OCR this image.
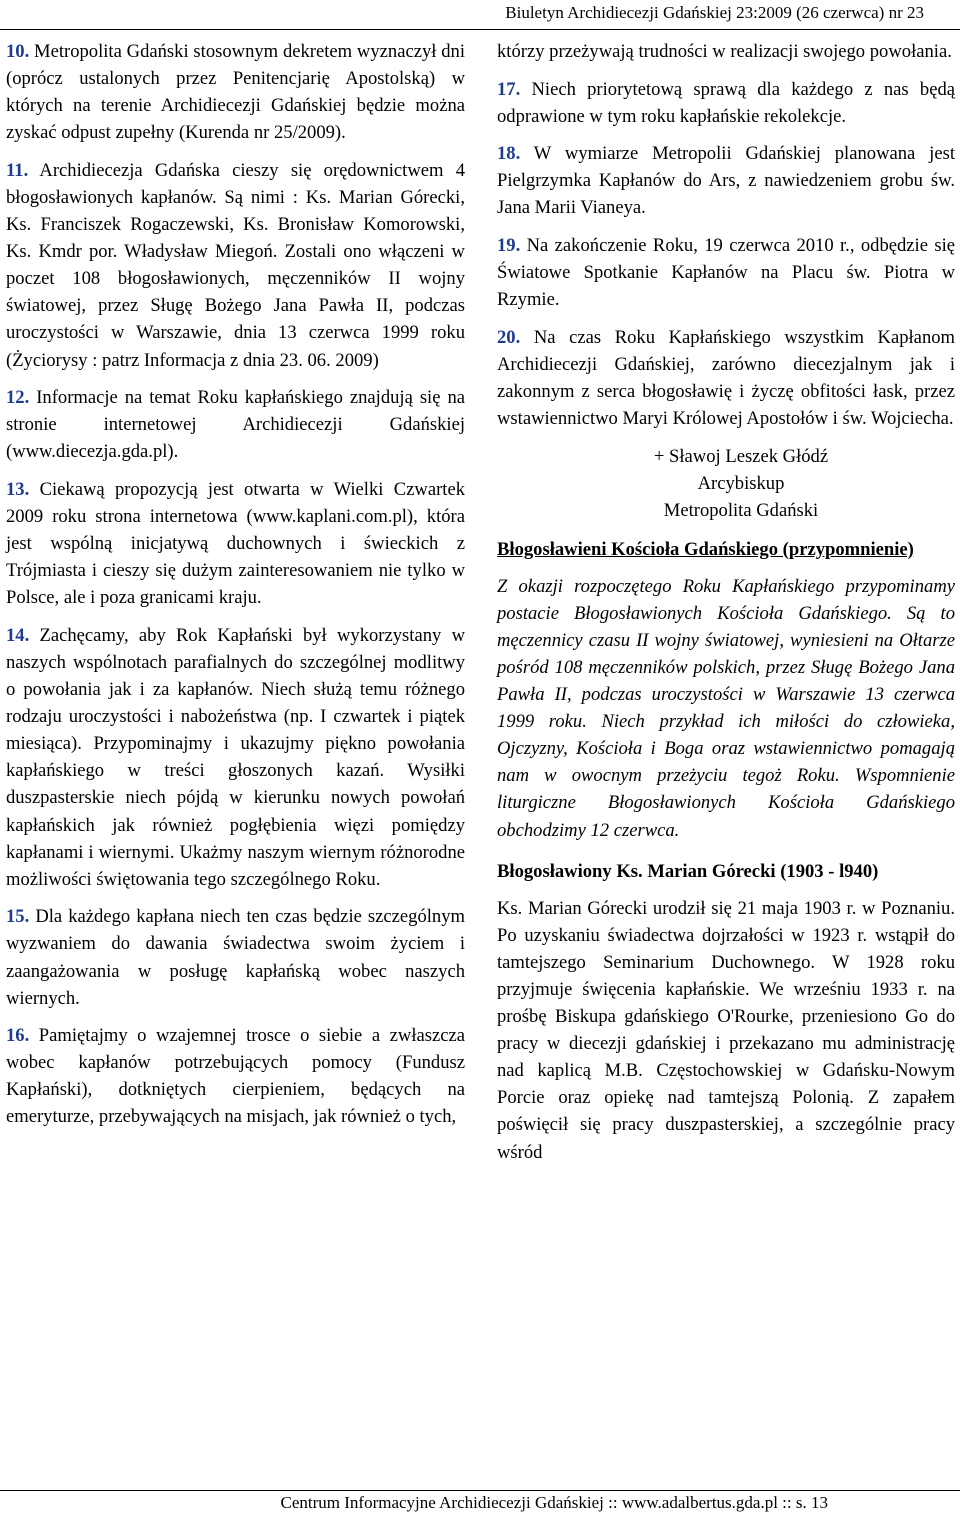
Biuletyn Archidiecezji Gdańskiej 23:2009 (26 czerwca) nr 23

10. Metropolita Gdański stosownym dekretem wyznaczył dni (oprócz ustalonych przez Penitencjarię Apostolską) w których na terenie Archidiecezji Gdańskiej będzie można zyskać odpust zupełny (Kurenda nr 25/2009).

11. Archidiecezja Gdańska cieszy się orędownictwem 4 błogosławionych kapłanów. Są nimi : Ks. Marian Górecki, Ks. Franciszek Rogaczewski, Ks. Bronisław Komorowski, Ks. Kmdr por. Władysław Miegoń. Zostali ono włączeni w poczet 108 błogosławionych, męczenników II wojny światowej, przez Sługę Bożego Jana Pawła II, podczas uroczystości w Warszawie, dnia 13 czerwca 1999 roku (Życiorysy : patrz Informacja z dnia 23. 06. 2009)

12. Informacje na temat Roku kapłańskiego znajdują się na stronie internetowej Archidiecezji Gdańskiej (www.diecezja.gda.pl).

13. Ciekawą propozycją jest otwarta w Wielki Czwartek 2009 roku strona internetowa (www.kaplani.com.pl), która jest wspólną inicjatywą duchownych i świeckich z Trójmiasta i cieszy się dużym zainteresowaniem nie tylko w Polsce, ale i poza granicami kraju.

14. Zachęcamy, aby Rok Kapłański był wykorzystany w naszych wspólnotach parafialnych do szczególnej modlitwy o powołania jak i za kapłanów. Niech służą temu różnego rodzaju uroczystości i nabożeństwa (np. I czwartek i piątek miesiąca). Przypominajmy i ukazujmy piękno powołania kapłańskiego w treści głoszonych kazań. Wysiłki duszpasterskie niech pójdą w kierunku nowych powołań kapłańskich jak również pogłębienia więzi pomiędzy kapłanami i wiernymi. Ukażmy naszym wiernym różnorodne możliwości świętowania tego szczególnego Roku.

15. Dla każdego kapłana niech ten czas będzie szczególnym wyzwaniem do dawania świadectwa swoim życiem i zaangażowania w posługę kapłańską wobec naszych wiernych.

16. Pamiętajmy o wzajemnej trosce o siebie a zwłaszcza wobec kapłanów potrzebujących pomocy (Fundusz Kapłański), dotkniętych cierpieniem, będących na emeryturze, przebywających na misjach, jak również o tych,

którzy przeżywają trudności w realizacji swojego powołania.

17. Niech priorytetową sprawą dla każdego z nas będą odprawione w tym roku kapłańskie rekolekcje.

18. W wymiarze Metropolii Gdańskiej planowana jest Pielgrzymka Kapłanów do Ars, z nawiedzeniem grobu św. Jana Marii Vianeya.

19. Na zakończenie Roku, 19 czerwca 2010 r., odbędzie się Światowe Spotkanie Kapłanów na Placu św. Piotra w Rzymie.

20. Na czas Roku Kapłańskiego wszystkim Kapłanom Archidiecezji Gdańskiej, zarówno diecezjalnym jak i zakonnym z serca błogosławię i życzę obfitości łask, przez wstawiennictwo Maryi Królowej Apostołów i św. Wojciecha.

+ Sławoj Leszek Głódź
Arcybiskup
Metropolita Gdański
Błogosławieni Kościoła Gdańskiego (przypomnienie)

Z okazji rozpoczętego Roku Kapłańskiego przypominamy postacie Błogosławionych Kościoła Gdańskiego. Są to męczennicy czasu II wojny światowej, wyniesieni na Ołtarze pośród 108 męczenników polskich, przez Sługę Bożego Jana Pawła II, podczas uroczystości w Warszawie 13 czerwca 1999 roku. Niech przykład ich miłości do człowieka, Ojczyzny, Kościoła i Boga oraz wstawiennictwo pomagają nam w owocnym przeżyciu tegoż Roku. Wspomnienie liturgiczne Błogosławionych Kościoła Gdańskiego obchodzimy 12 czerwca.

Błogosławiony Ks. Marian Górecki (1903 - l940)

Ks. Marian Górecki urodził się 21 maja 1903 r. w Poznaniu. Po uzyskaniu świadectwa dojrzałości w 1923 r. wstąpił do tamtejszego Seminarium Duchownego. W 1928 roku przyjmuje święcenia kapłańskie. We wrześniu 1933 r. na prośbę Biskupa gdańskiego O'Rourke, przeniesiono Go do pracy w diecezji gdańskiej i przekazano mu administrację nad kaplicą M.B. Częstochowskiej w Gdańsku-Nowym Porcie oraz opiekę nad tamtejszą Polonią. Z zapałem poświęcił się pracy duszpasterskiej, a szczególnie pracy wśród

Centrum Informacyjne Archidiecezji Gdańskiej :: www.adalbertus.gda.pl :: s. 13
